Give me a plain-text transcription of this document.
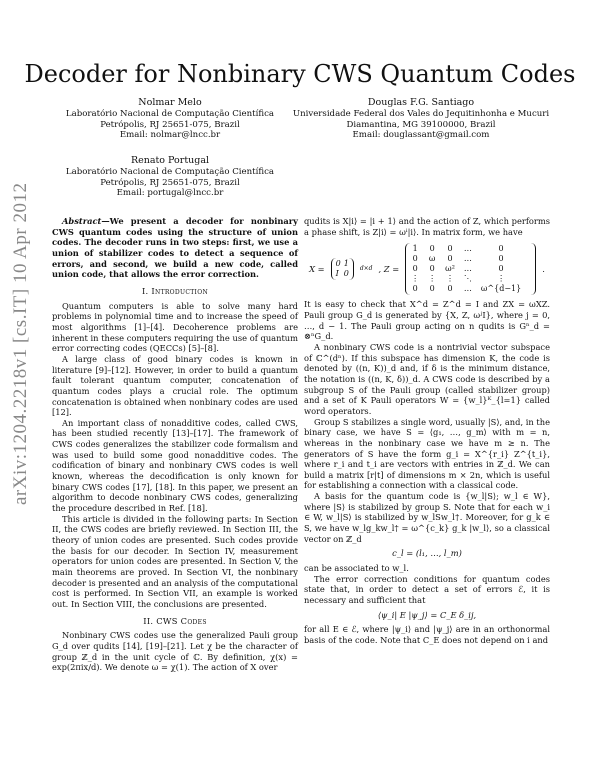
Decoder for Nonbinary CWS Quantum Codes
Nolmar Melo
Laboratório Nacional de Computação Científica
Petrópolis, RJ 25651-075, Brazil
Email: nolmar@lncc.br
Douglas F.G. Santiago
Universidade Federal dos Vales do Jequitinhonha e Mucuri
Diamantina, MG 39100000, Brazil
Email: douglassant@gmail.com
Renato Portugal
Laboratório Nacional de Computação Científica
Petrópolis, RJ 25651-075, Brazil
Email: portugal@lncc.br
arXiv:1204.2218v1 [cs.IT] 10 Apr 2012	Abstract—We present a decoder for nonbinary CWS quantum codes using the structure of union codes. The decoder runs in two steps: first, we use a union of stabilizer codes to detect a sequence of errors, and second, we build a new code, called union code, that allows the error correction.

I. Introduction

Quantum computers is able to solve many hard problems in polynomial time and to increase the speed of most algorithms [1]–[4]. Decoherence problems are inherent in these computers requiring the use of quantum error correcting codes (QECCs) [5]–[8].

A large class of good binary codes is known in literature [9]–[12]. However, in order to build a quantum fault tolerant quantum computer, concatenation of quantum codes plays a crucial role. The optimum concatenation is obtained when nonbinary codes are used [12].

An important class of nonadditive codes, called CWS, has been studied recently [13]–[17]. The framework of CWS codes generalizes the stabilizer code formalism and was used to build some good nonadditive codes. The codification of binary and nonbinary CWS codes is well known, whereas the decodification is only known for binary CWS codes [17], [18]. In this paper, we present an algorithm to decode nonbinary CWS codes, generalizing the procedure described in Ref. [18].

This article is divided in the following parts: In Section II, the CWS codes are briefly reviewed. In Section III, the theory of union codes are presented. Such codes provide the basis for our decoder. In Section IV, measurement operators for union codes are presented. In Section V, the main theorems are proved. In Section VI, the nonbinary decoder is presented and an analysis of the computational cost is performed. In Section VII, an example is worked out. In Section VIII, the conclusions are presented.

II. CWS Codes

Nonbinary CWS codes use the generalized Pauli group G_d over qudits [14], [19]–[21]. Let χ be the character of group ℤ_d in the unit cycle of ℂ. By definition, χ(x) = exp(2πix/d). We denote ω = χ(1). The action of X over

qudits is X|i⟩ = |i + 1⟩ and the action of Z, which performs a phase shift, is Z|i⟩ = ωⁱ|i⟩. In matrix form, we have

X =
0 1
I 0
d×d , Z =
1 0 0 …	0
0 ω 0 …	0
0 0 ω² …	0
⋮ ⋮ ⋮ ⋱	⋮
0 0 0 … ω^{d−1}
.

It is easy to check that X^d = Z^d = I and ZX = ωXZ. Pauli group G_d is generated by {X, Z, ωʲI}, where j = 0, …, d − 1. The Pauli group acting on n qudits is Gⁿ_d = ⊗ⁿG_d.

A nonbinary CWS code is a nontrivial vector subspace of ℂ^(dⁿ). If this subspace has dimension K, the code is denoted by ((n, K))_d and, if δ is the minimum distance, the notation is ((n, K, δ))_d. A CWS code is described by a subgroup S of the Pauli group (called stabilizer group) and a set of K Pauli operators W = {w_l}ᴷ_{l=1} called word operators.

Group S stabilizes a single word, usually |S⟩, and, in the binary case, we have S = ⟨g₁, …, g_m⟩ with m = n, whereas in the nonbinary case we have m ≥ n. The generators of S have the form g_i = X^{r_i} Z^{t_i}, where r_i and t_i are vectors with entries in ℤ_d. We can build a matrix [r|t] of dimensions m × 2n, which is useful for establishing a connection with a classical code.

A basis for the quantum code is {w_l|S⟩; w_l ∈ W}, where |S⟩ is stabilized by group S. Note that for each w_i ∈ W, w_l|S⟩ is stabilized by w_lSw_l†. Moreover, for g_k ∈ S, we have w_lg_kw_l† = ω^{c_k} g_k |w_l⟩, so a classical vector on ℤ_d

c_l = (l₁, …, l_m)

can be associated to w_l.

The error correction conditions for quantum codes state that, in order to detect a set of errors ℰ, it is necessary and sufficient that

⟨ψ_i| E |ψ_j⟩ = C_E δ_ij,

for all E ∈ ℰ, where |ψ_i⟩ and |ψ_j⟩ are in an orthonormal basis of the code. Note that C_E does not depend on i and
